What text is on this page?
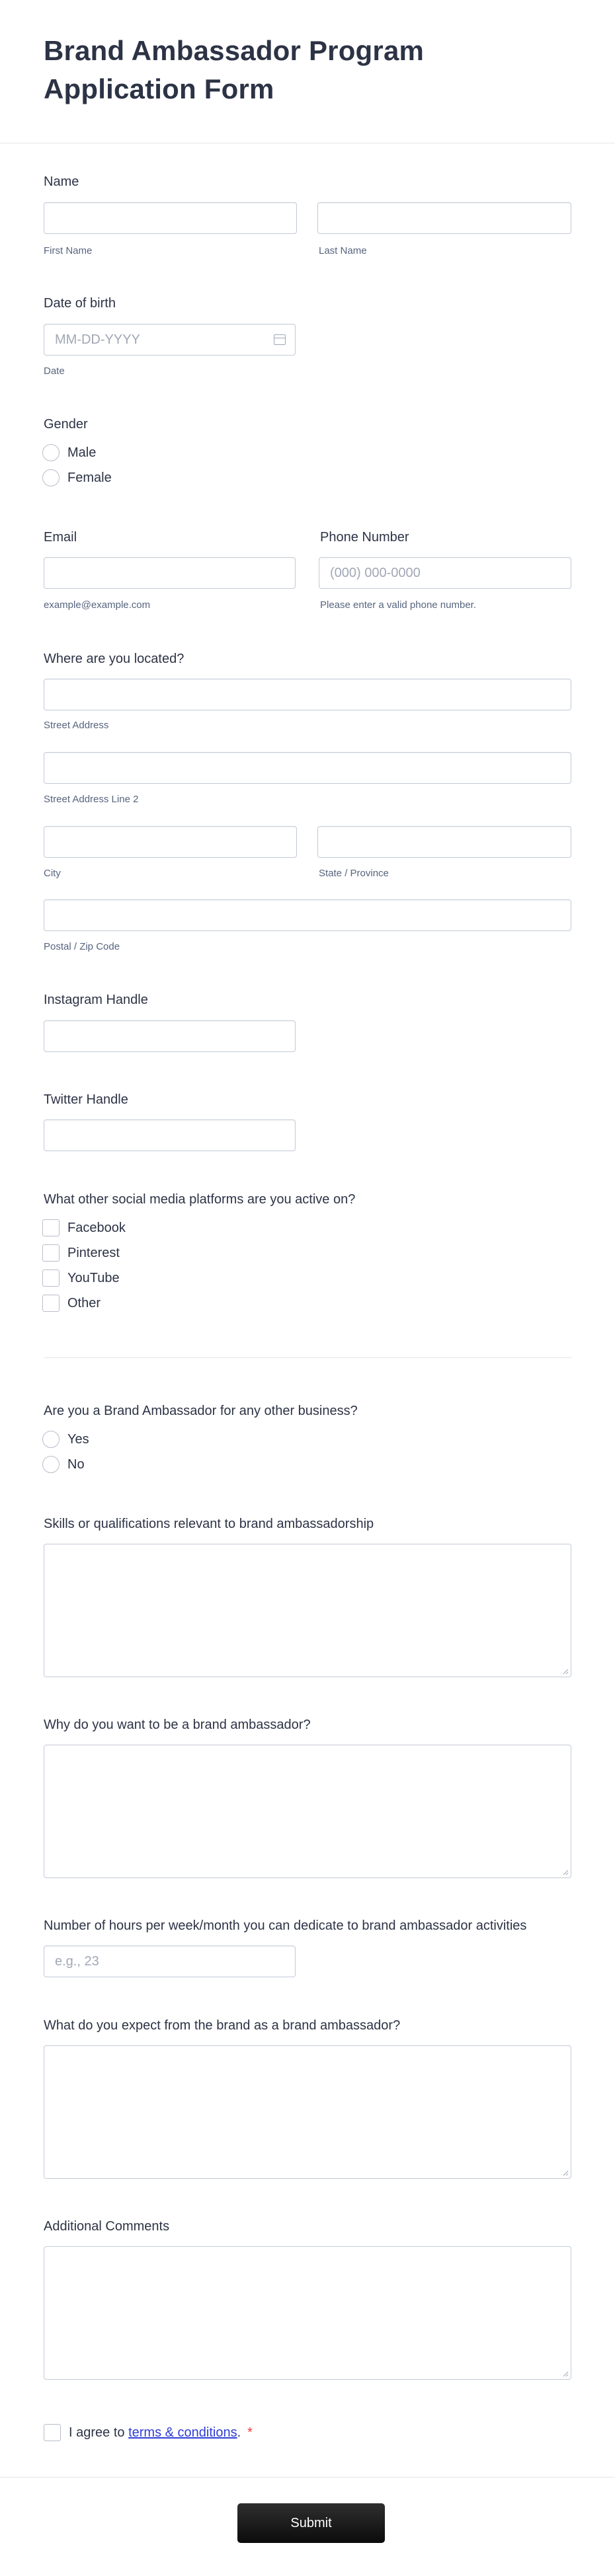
Brand Ambassador Program Application Form
Name
First Name	Last Name
Date of birth
MM-DD-YYYY
Date
Gender
Male
Female
Email
example@example.com
Phone Number
(000) 000-0000
Please enter a valid phone number.
Where are you located?
Street Address
Street Address Line 2
City	State / Province
Postal / Zip Code
Instagram Handle
Twitter Handle
What other social media platforms are you active on?
Facebook
Pinterest
YouTube
Other
Are you a Brand Ambassador for any other business?
Yes
No
Skills or qualifications relevant to brand ambassadorship
Why do you want to be a brand ambassador?
Number of hours per week/month you can dedicate to brand ambassador activities
e.g., 23
What do you expect from the brand as a brand ambassador?
Additional Comments
I agree to
terms & conditions . *
Submit
